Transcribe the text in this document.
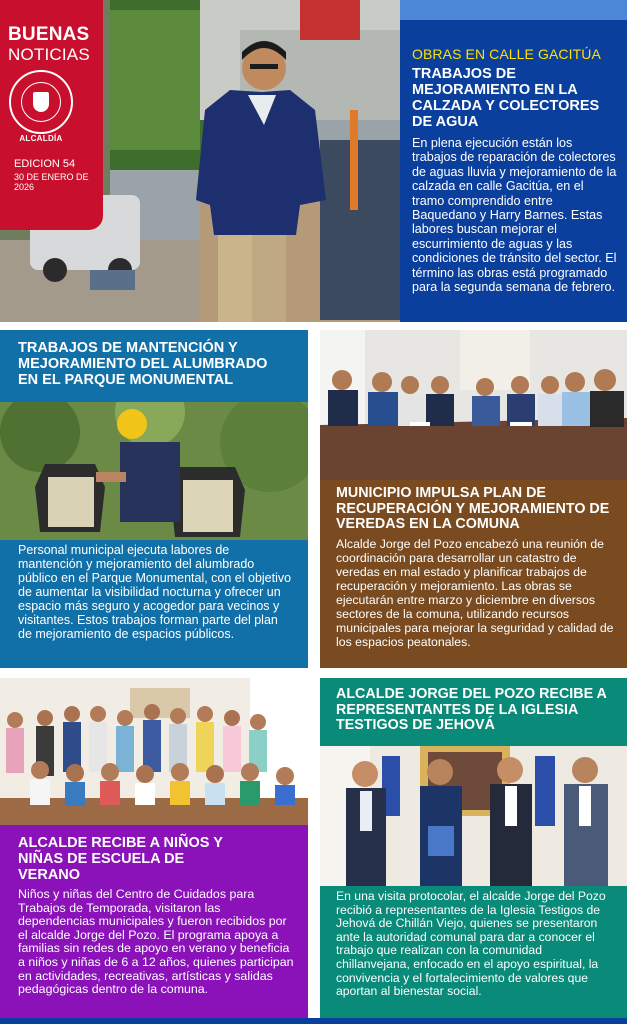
BUENAS
NOTICIAS
ALCALDÍA
EDICION 54
30 DE ENERO DE 2026
OBRAS EN CALLE GACITÚA
TRABAJOS DE MEJORAMIENTO EN LA CALZADA Y COLECTORES DE AGUA
En plena ejecución están los trabajos de reparación de colectores de aguas lluvia y mejoramiento de la calzada en calle Gacitúa, en el tramo comprendido entre Baquedano y Harry Barnes. Estas labores buscan mejorar el escurrimiento de aguas y las condiciones de tránsito del sector. El término las obras está programado para la segunda semana de febrero.
TRABAJOS DE MANTENCIÓN Y MEJORAMIENTO DEL ALUMBRADO EN EL PARQUE MONUMENTAL
Personal municipal ejecuta labores de mantención y mejoramiento del alumbrado público en el Parque Monumental, con el objetivo de aumentar la visibilidad nocturna y ofrecer un espacio más seguro y acogedor para vecinos y visitantes. Estos trabajos forman parte del plan de mejoramiento de espacios públicos.
MUNICIPIO IMPULSA PLAN DE RECUPERACIÓN Y MEJORAMIENTO DE VEREDAS EN LA COMUNA
Alcalde Jorge del Pozo encabezó una reunión de coordinación para desarrollar un catastro de veredas en mal estado y planificar trabajos de recuperación y mejoramiento. Las obras se ejecutarán entre marzo y diciembre en diversos sectores de la comuna, utilizando recursos municipales para mejorar la seguridad y calidad de los espacios peatonales.
ALCALDE RECIBE A NIÑOS Y NIÑAS DE ESCUELA DE VERANO
Niños y niñas del Centro de Cuidados para Trabajos de Temporada, visitaron las dependencias municipales y fueron recibidos por el alcalde Jorge del Pozo. El programa apoya a familias sin redes de apoyo en verano y beneficia a niños y niñas de 6 a 12 años, quienes participan en actividades, recreativas, artísticas y salidas pedagógicas dentro de la comuna.
ALCALDE JORGE DEL POZO RECIBE A REPRESENTANTES DE LA IGLESIA TESTIGOS DE JEHOVÁ
En una visita protocolar, el alcalde Jorge del Pozo recibió a representantes de la Iglesia Testigos de Jehová de Chillán Viejo, quienes se presentaron ante la autoridad comunal para dar a conocer el trabajo que realizan con la comunidad chillanvejana, enfocado en el apoyo espiritual, la convivencia y el fortalecimiento de valores que aportan al bienestar social.
